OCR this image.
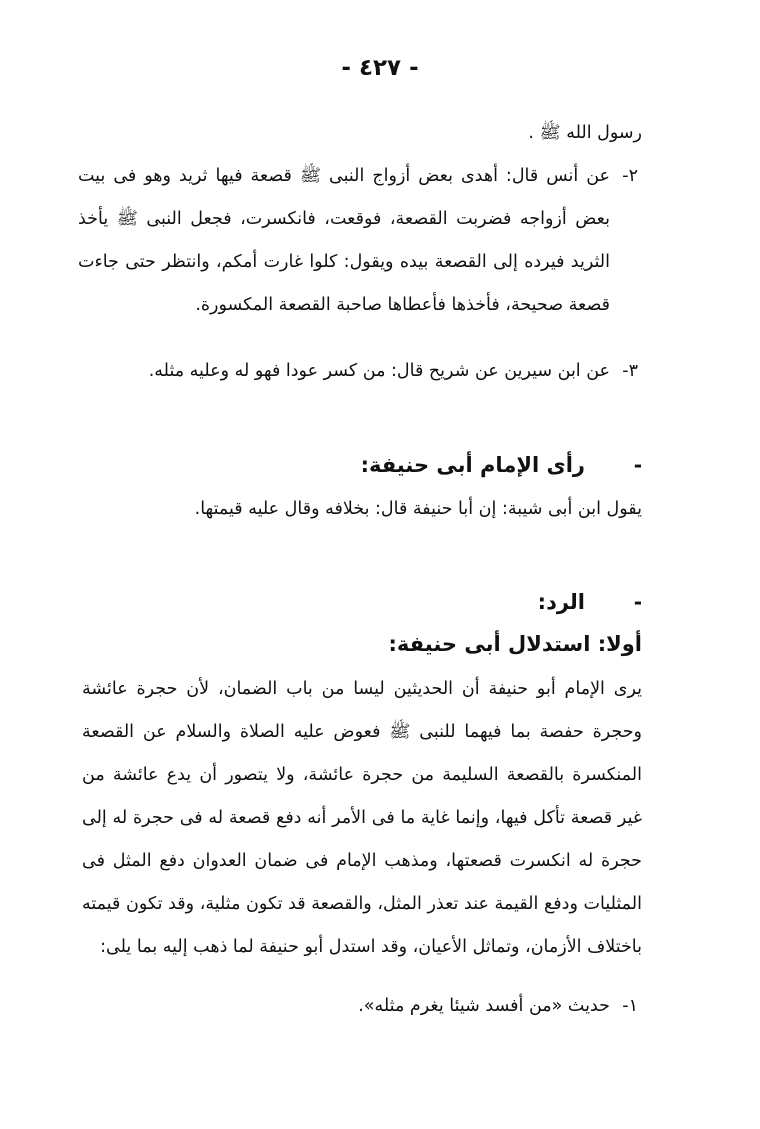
- ٤٢٧ -
رسول الله ﷺ .
٢-
عن أنس قال: أهدى بعض أزواج النبى ﷺ قصعة فيها ثريد وهو فى بيت بعض أزواجه فضربت القصعة، فوقعت، فانكسرت، فجعل النبى ﷺ يأخذ الثريد فيرده إلى القصعة بيده ويقول: كلوا غارت أمكم، وانتظر حتى جاءت قصعة صحيحة، فأخذها فأعطاها صاحبة القصعة المكسورة.
٣-
عن ابن سيرين عن شريح قال: من كسر عودا فهو له وعليه مثله.
-
رأى الإمام أبى حنيفة:
يقول ابن أبى شيبة: إن أبا حنيفة قال: بخلافه وقال عليه قيمتها.
-
الرد:
أولا: استدلال أبى حنيفة:
يرى الإمام أبو حنيفة أن الحديثين ليسا من باب الضمان، لأن حجرة عائشة وحجرة حفصة بما فيهما للنبى ﷺ فعوض عليه الصلاة والسلام عن القصعة المنكسرة بالقصعة السليمة من حجرة عائشة، ولا يتصور أن يدع عائشة من غير قصعة تأكل فيها، وإنما غاية ما فى الأمر أنه دفع قصعة له فى حجرة له إلى حجرة له انكسرت قصعتها، ومذهب الإمام فى ضمان العدوان دفع المثل فى المثليات ودفع القيمة عند تعذر المثل، والقصعة قد تكون مثلية، وقد تكون قيمته باختلاف الأزمان، وتماثل الأعيان، وقد استدل أبو حنيفة لما ذهب إليه بما يلى:
١-
حديث «من أفسد شيئا يغرم مثله».
